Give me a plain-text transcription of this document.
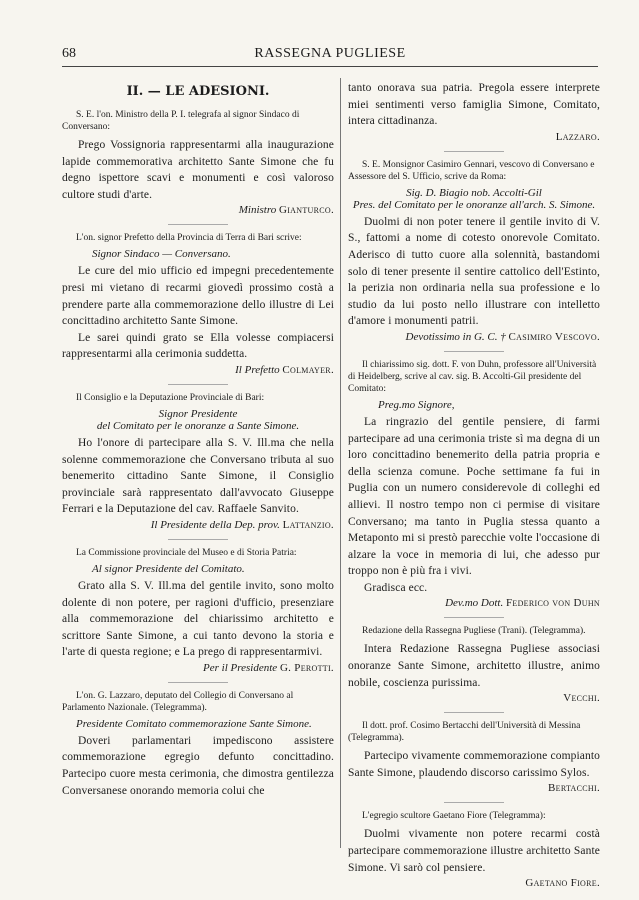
68	RASSEGNA PUGLIESE
II. — LE ADESIONI.

S. E. l'on. Ministro della P. I. telegrafa al signor Sindaco di Conversano:

Prego Vossignoria rappresentarmi alla inaugurazione lapide commemorativa architetto Sante Simone che fu degno ispettore scavi e monumenti e così valoroso cultore studi d'arte.

Ministro Gianturco.

L'on. signor Prefetto della Provincia di Terra di Bari scrive:

Signor Sindaco — Conversano.

Le cure del mio ufficio ed impegni precedentemente presi mi vietano di recarmi giovedì prossimo costà a prendere parte alla commemorazione dello illustre di Lei concittadino architetto Sante Simone.

Le sarei quindi grato se Ella volesse compiacersi rappresentarmi alla cerimonia suddetta.

Il Prefetto Colmayer.

Il Consiglio e la Deputazione Provinciale di Bari:

Signor Presidente

del Comitato per le onoranze a Sante Simone.

Ho l'onore di partecipare alla S. V. Ill.ma che nella solenne commemorazione che Conversano tributa al suo benemerito cittadino Sante Simone, il Consiglio provinciale sarà rappresentato dall'avvocato Giuseppe Ferrari e la Deputazione del cav. Raffaele Sanvito.

Il Presidente della Dep. prov. Lattanzio.

La Commissione provinciale del Museo e di Storia Patria:

Al signor Presidente del Comitato.

Grato alla S. V. Ill.ma del gentile invito, sono molto dolente di non potere, per ragioni d'ufficio, presenziare alla commemorazione del chiarissimo architetto e scrittore Sante Simone, a cui tanto devono la storia e l'arte di questa regione; e La prego di rappresentarmivi.

Per il Presidente G. Perotti.

L'on. G. Lazzaro, deputato del Collegio di Conversano al Parlamento Nazionale. (Telegramma).

Presidente Comitato commemorazione Sante Simone.

Doveri parlamentari impediscono assistere commemorazione egregio defunto concittadino. Partecipo cuore mesta cerimonia, che dimostra gentilezza Conversanese onorando memoria colui che

tanto onorava sua patria. Pregola essere interprete miei sentimenti verso famiglia Simone, Comitato, intera cittadinanza.

Lazzaro.

S. E. Monsignor Casimiro Gennari, vescovo di Conversano e Assessore del S. Ufficio, scrive da Roma:

Sig. D. Biagio nob. Accolti-Gil

Pres. del Comitato per le onoranze all'arch. S. Simone.

Duolmi di non poter tenere il gentile invito di V. S., fattomi a nome di cotesto onorevole Comitato. Aderisco di tutto cuore alla solennità, bastandomi solo di tener presente il sentire cattolico dell'Estinto, la perizia non ordinaria nella sua professione e lo studio da lui posto nello illustrare con intelletto d'amore i monumenti patrii.

Devotissimo in G. C. † Casimiro Vescovo.

Il chiarissimo sig. dott. F. von Duhn, professore all'Università di Heidelberg, scrive al cav. sig. B. Accolti-Gil presidente del Comitato:

Preg.mo Signore,

La ringrazio del gentile pensiere, di farmi partecipare ad una cerimonia triste sì ma degna di un loro concittadino benemerito della patria propria e della scienza comune. Poche settimane fa fui in Puglia con un numero considerevole di colleghi ed allievi. Il nostro tempo non ci permise di visitare Conversano; ma tanto in Puglia stessa quanto a Metaponto mi si prestò parecchie volte l'occasione di alzare la voce in memoria di lui, che adesso pur troppo non è più fra i vivi.

Gradisca ecc.

Dev.mo Dott. Federico von Duhn

Redazione della Rassegna Pugliese (Trani). (Telegramma).

Intera Redazione Rassegna Pugliese associasi onoranze Sante Simone, architetto illustre, animo nobile, coscienza purissima.

Vecchi.

Il dott. prof. Cosimo Bertacchi dell'Università di Messina (Telegramma).

Partecipo vivamente commemorazione compianto Sante Simone, plaudendo discorso carissimo Sylos.

Bertacchi.

L'egregio scultore Gaetano Fiore (Telegramma):

Duolmi vivamente non potere recarmi costà partecipare commemorazione illustre architetto Sante Simone. Vi sarò col pensiere.

Gaetano Fiore.
